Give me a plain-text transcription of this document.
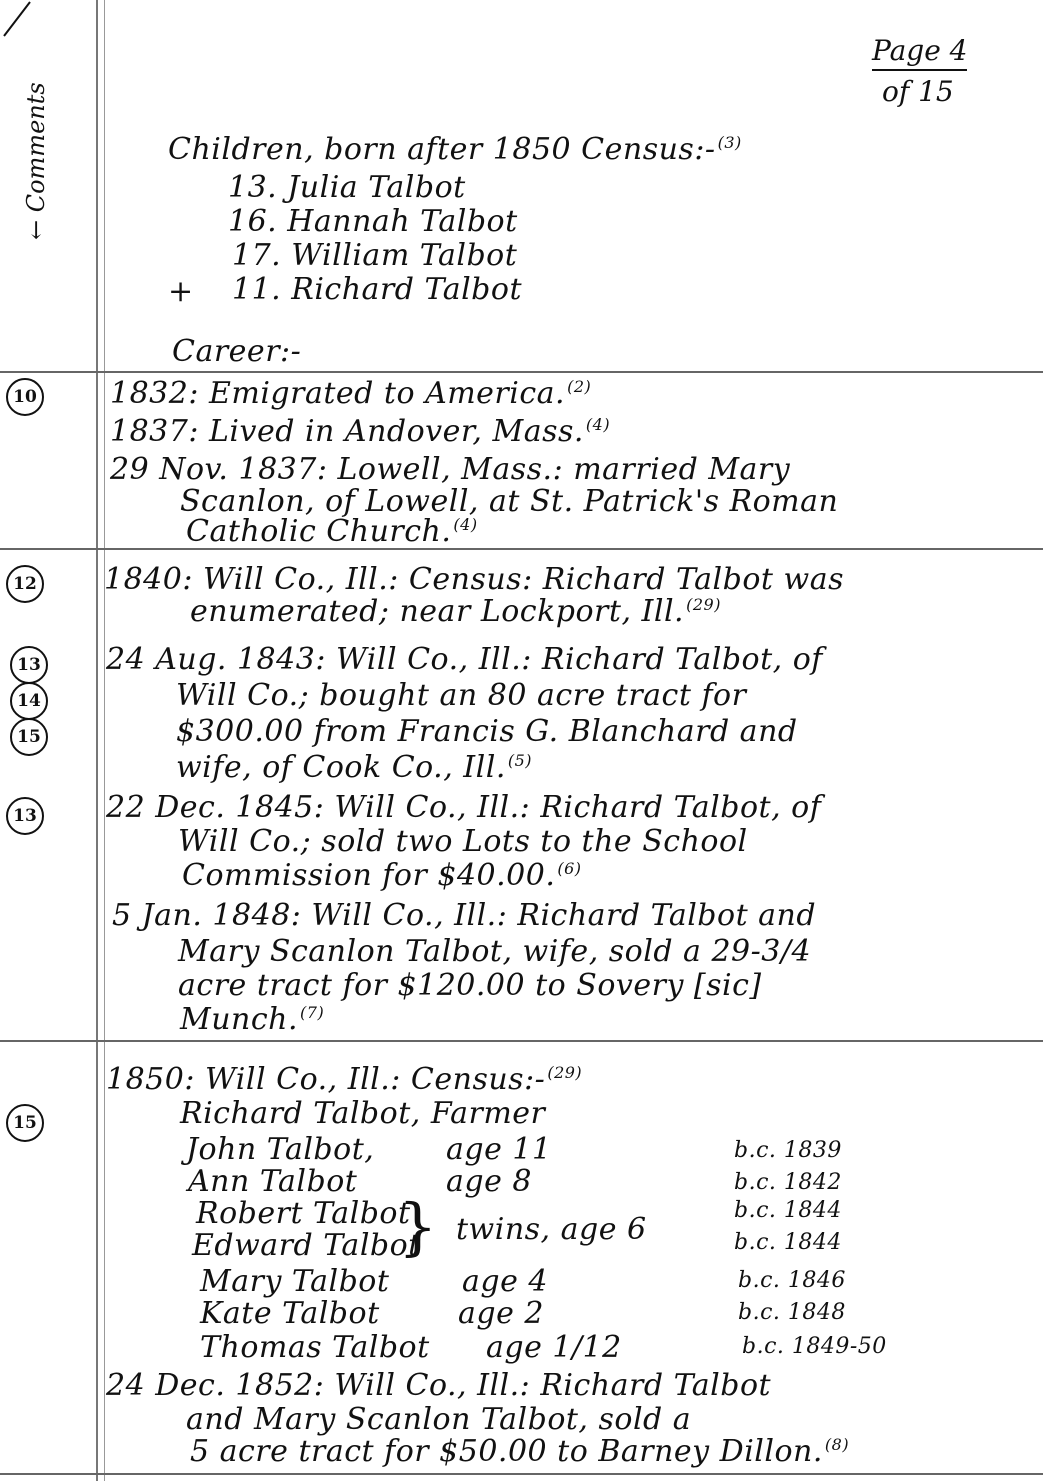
← Comments
Page 4
of 15
Children, born after 1850 Census:- $^{(3)}$
13. Julia Talbot
16. Hannah Talbot
17. William Talbot
+ 11. Richard Talbot
Career:-
10 1832: Emigrated to America. $^{(2)}$
1837: Lived in Andover, Mass. $^{(4)}$
29 Nov. 1837: Lowell, Mass.: married Mary
Scanlon, of Lowell, at St. Patrick's Roman
Catholic Church. $^{(4)}$
12 1840: Will Co., Ill.: Census: Richard Talbot was
enumerated; near Lockport, Ill. $^{(29)}$
13
14
15
24 Aug. 1843: Will Co., Ill.: Richard Talbot, of
Will Co.; bought an 80 acre tract for
$300.00 from Francis G. Blanchard and
wife, of Cook Co., Ill. $^{(5)}$
13 22 Dec. 1845: Will Co., Ill.: Richard Talbot, of
Will Co.; sold two Lots to the School
Commission for $40.00. $^{(6)}$
5 Jan. 1848: Will Co., Ill.: Richard Talbot and
Mary Scanlon Talbot, wife, sold a 29-3/4
acre tract for $120.00 to Sovery [sic]
Munch. $^{(7)}$
15
1850: Will Co., Ill.: Census:- $^{(29)}$
Richard Talbot, Farmer
John Talbot, age 11	b.c. 1839
Ann Talbot	age 8	b.c. 1842
Robert Talbot	b.c. 1844
Edward Talbot	b.c. 1844
} twins, age 6
Mary Talbot age 4	b.c. 1846
Kate Talbot	age 2	b.c. 1848
Thomas Talbot age 1/12	b.c. 1849-50
24 Dec. 1852: Will Co., Ill.: Richard Talbot
and Mary Scanlon Talbot, sold a
5 acre tract for $50.00 to Barney Dillon. $^{(8)}$
